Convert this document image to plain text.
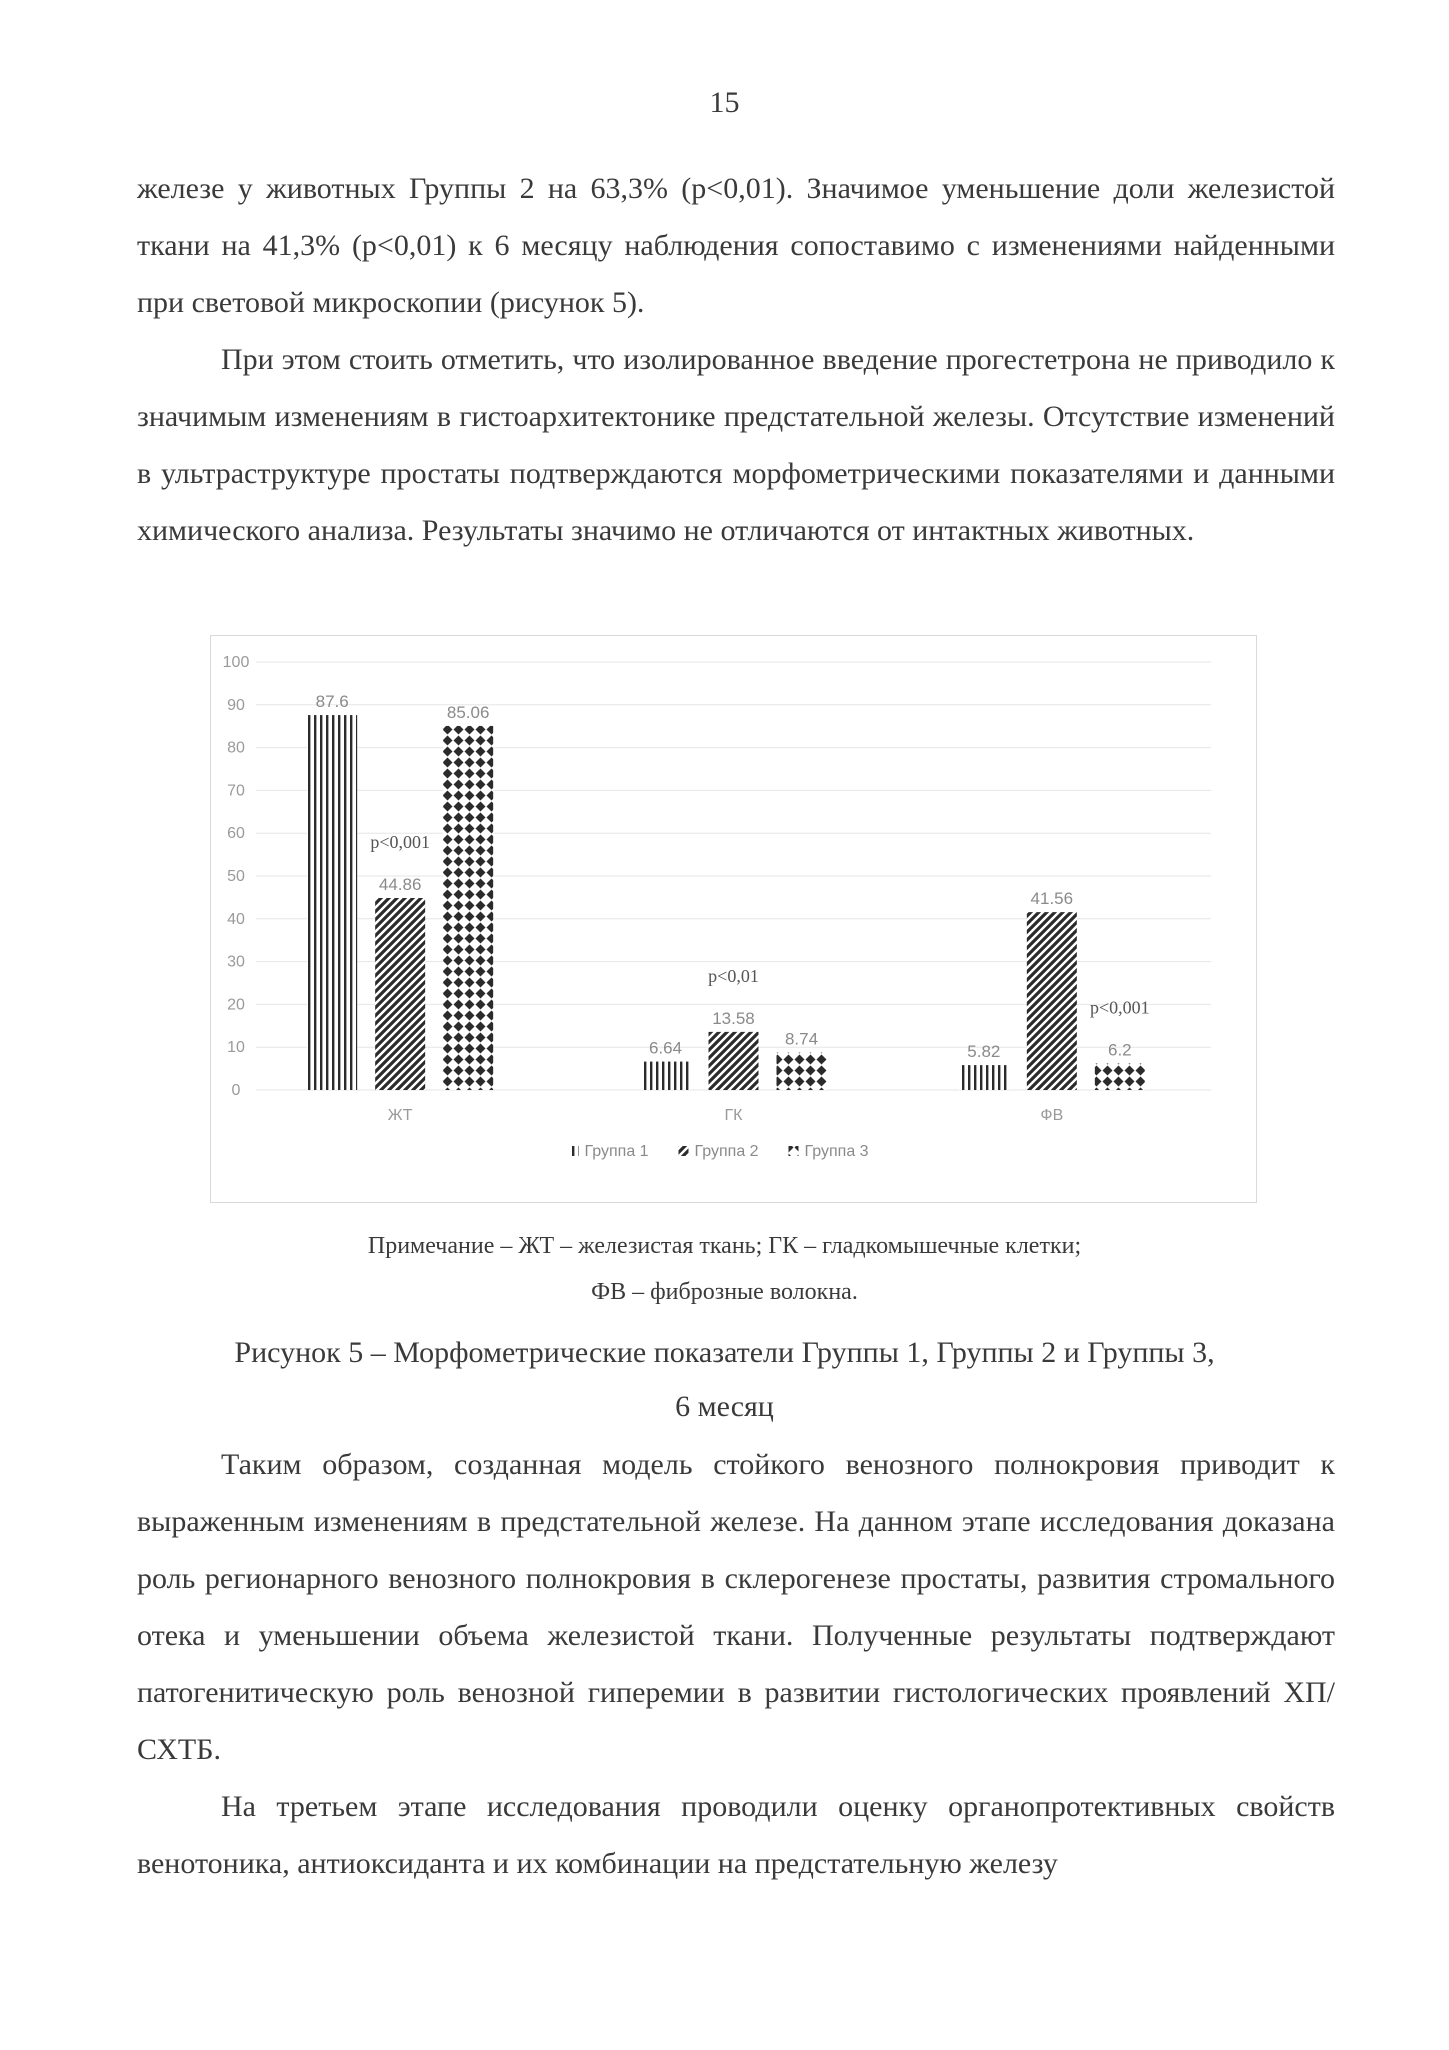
15

железе у животных Группы 2 на 63,3% (p<0,01). Значимое уменьшение доли железистой ткани на 41,3% (p<0,01) к 6 месяцу наблюдения сопоставимо с изменениями найденными при световой микроскопии (рисунок 5).

При этом стоить отметить, что изолированное введение прогестетрона не приводило к значимым изменениям в гистоархитектонике предстательной железы. Отсутствие изменений в ультраструктуре простаты подтверждаются морфометрическими показателями и данными химического анализа. Результаты значимо не отличаются от интактных животных.

0
10
20
30
40
50
60
70
80
90
100
87.6
44.86
85.06
ЖТ
6.64
13.58
8.74
ГК
5.82
41.56
6.2
ФВ
p<0,001
p<0,01
p<0,001
Группа 1	Группа 2	Группа 3

Примечание – ЖТ – железистая ткань; ГК – гладкомышечные клетки;

ФВ – фиброзные волокна.

Рисунок 5 – Морфометрические показатели Группы 1, Группы 2 и Группы 3,

6 месяц

Таким образом, созданная модель стойкого венозного полнокровия приводит к выраженным изменениям в предстательной железе. На данном этапе исследования доказана роль регионарного венозного полнокровия в склерогенезе простаты, развития стромального отека и уменьшении объема железистой ткани. Полученные результаты подтверждают патогенитическую роль венозной гиперемии в развитии гистологических проявлений ХП/СХТБ.

На третьем этапе исследования проводили оценку органопротективных свойств венотоника, антиоксиданта и их комбинации на предстательную железу
